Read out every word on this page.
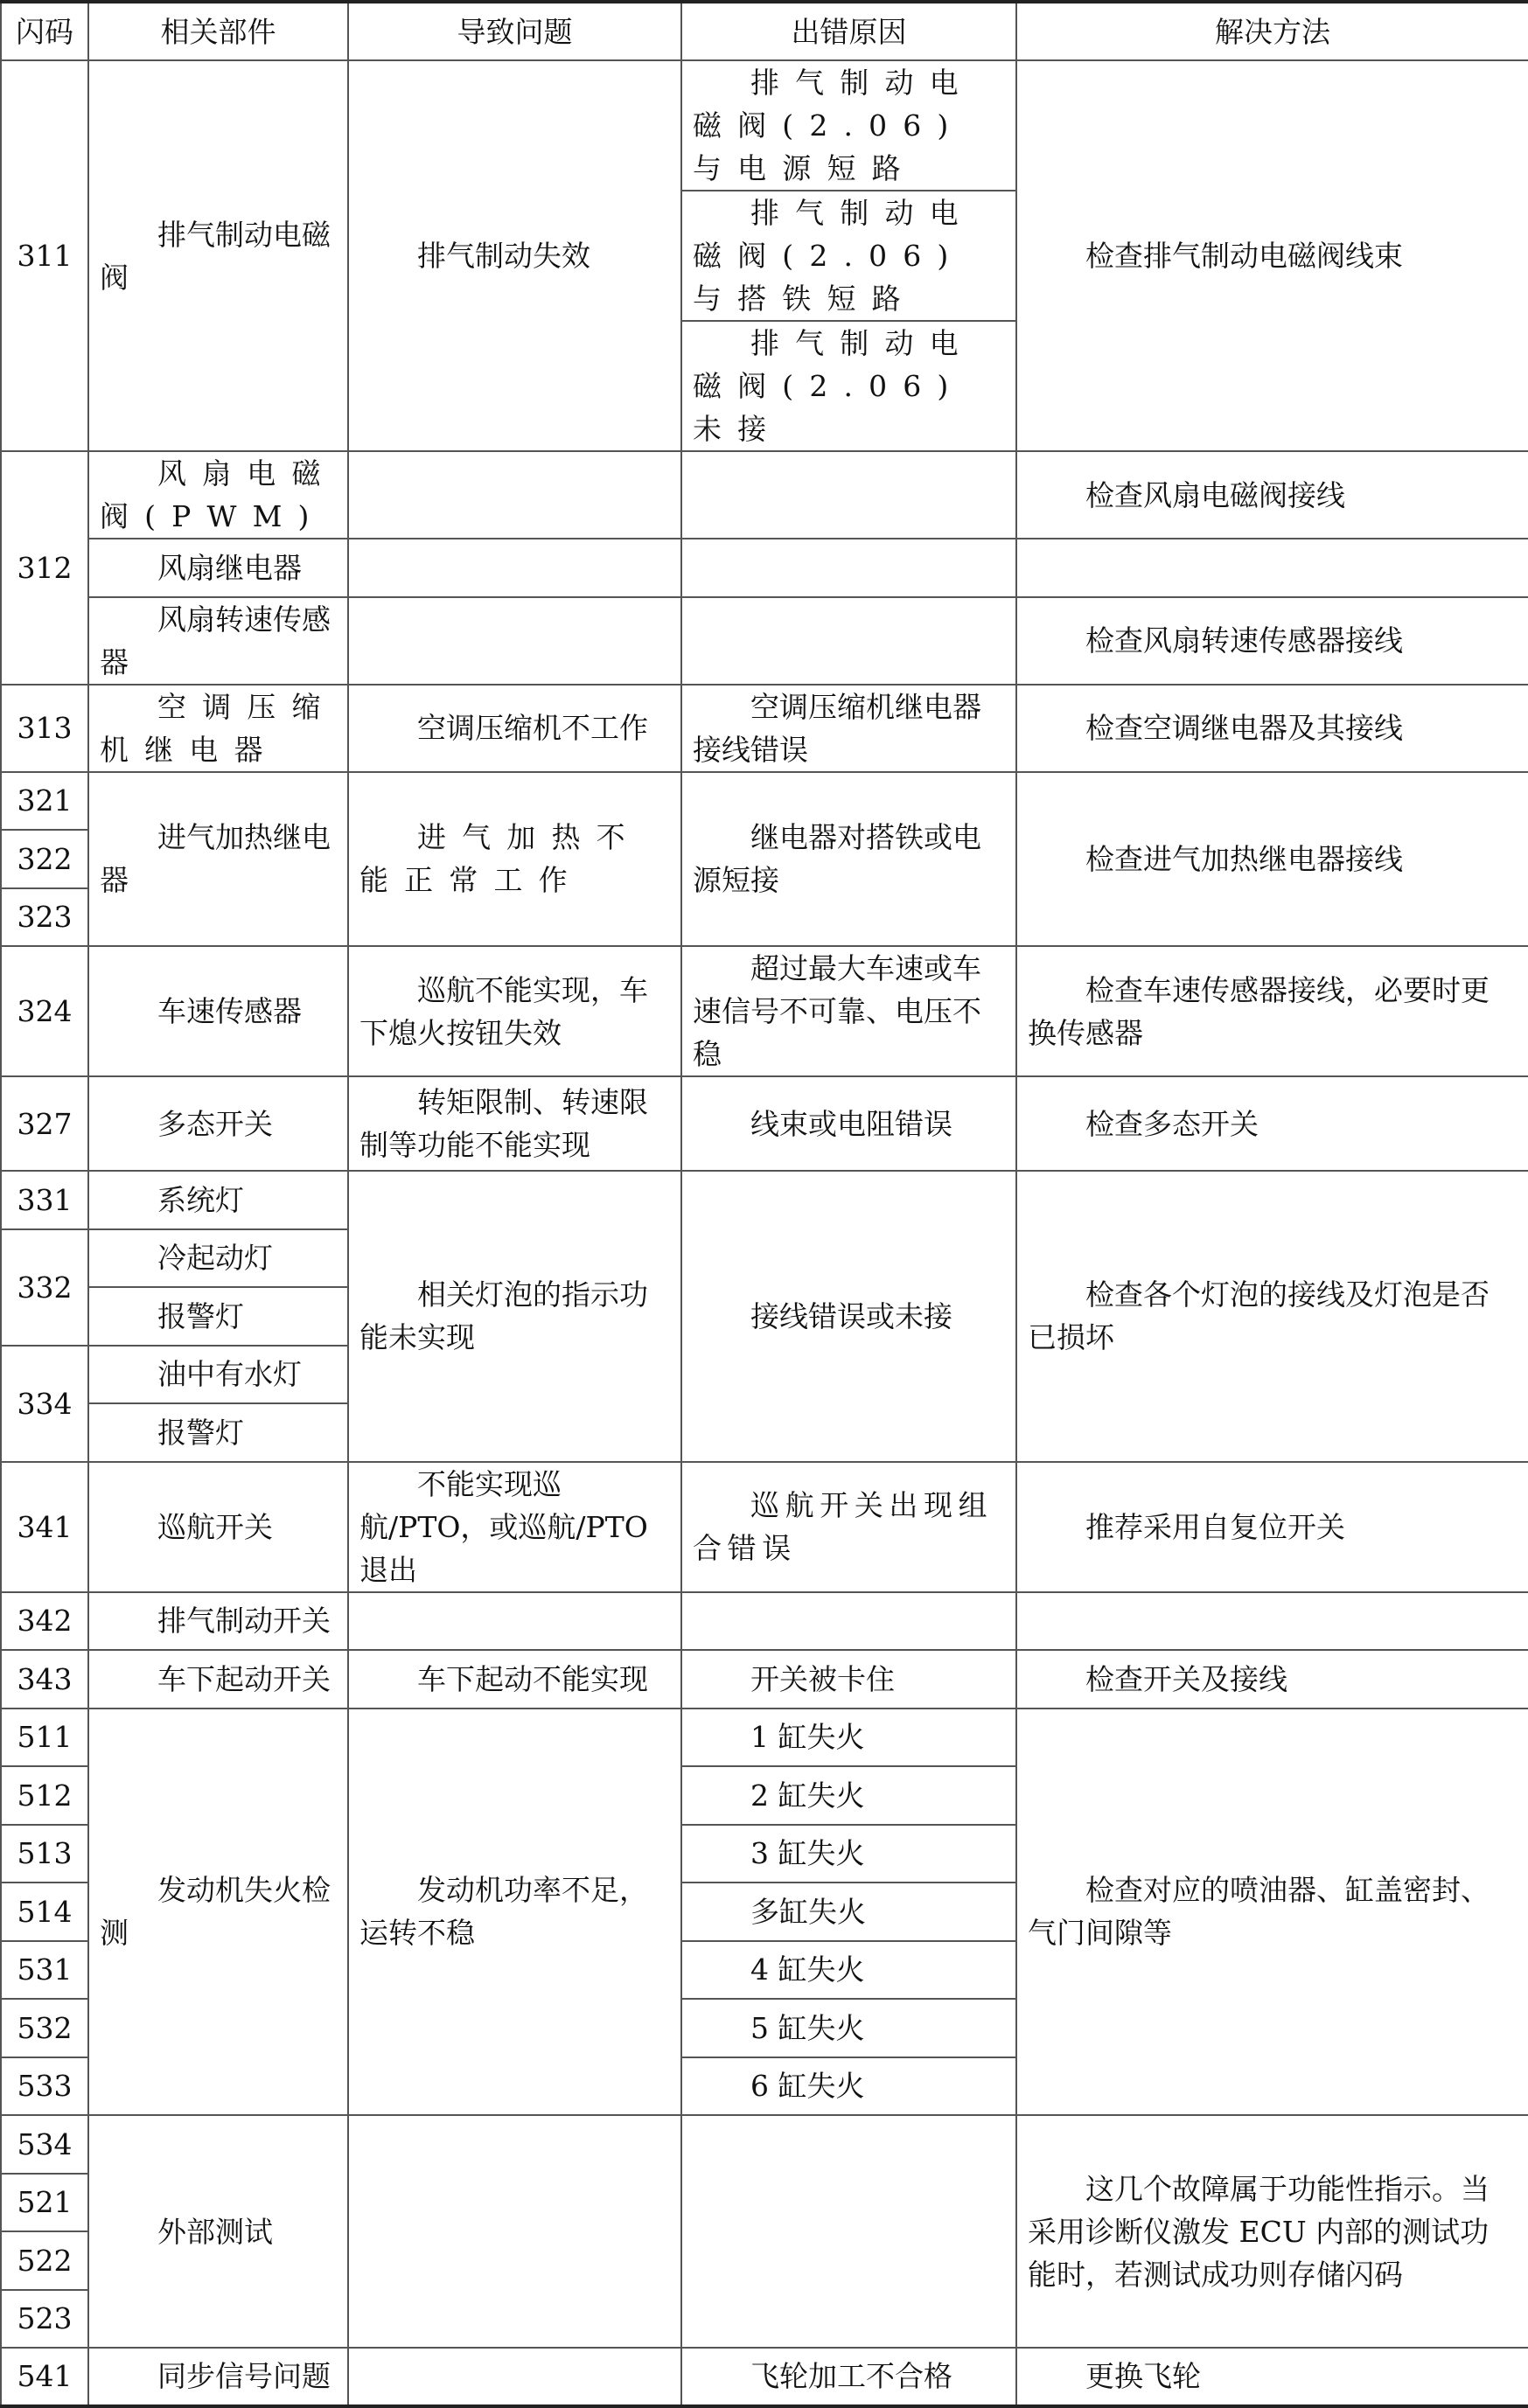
闪码	相关部件	导致问题	出错原因	解决方法
311	排气制动电磁阀	排气制动失效	排气制动电磁阀(2.06)与电源短路	检查排气制动电磁阀线束
			排气制动电磁阀(2.06)与搭铁短路	
			排气制动电磁阀(2.06)未接	
312	风扇电磁阀(PWM)			检查风扇电磁阀接线
	风扇继电器			
	风扇转速传感器			检查风扇转速传感器接线
313	空调压缩机继电器	空调压缩机不工作	空调压缩机继电器接线错误	检查空调继电器及其接线
321	进气加热继电器	进气加热不能正常工作	继电器对搭铁或电源短接	检查进气加热继电器接线
322				
323				
324	车速传感器	巡航不能实现，车下熄火按钮失效	超过最大车速或车速信号不可靠、电压不稳	检查车速传感器接线，必要时更换传感器
327	多态开关	转矩限制、转速限制等功能不能实现	线束或电阻错误	检查多态开关
331	系统灯	相关灯泡的指示功能未实现	接线错误或未接	检查各个灯泡的接线及灯泡是否已损坏
332	冷起动灯			
	报警灯			
334	油中有水灯			
	报警灯			
341	巡航开关	不能实现巡航/PTO，或巡航/PTO退出	巡航开关出现组合错误	推荐采用自复位开关
342	排气制动开关			
343	车下起动开关	车下起动不能实现	开关被卡住	检查开关及接线
511	发动机失火检测	发动机功率不足，运转不稳	1 缸失火	检查对应的喷油器、缸盖密封、气门间隙等
512			2 缸失火	
513			3 缸失火	
514			多缸失火	
531			4 缸失火	
532			5 缸失火	
533			6 缸失火	
534	外部测试			这几个故障属于功能性指示。当采用诊断仪激发 ECU 内部的测试功能时，若测试成功则存储闪码
521				
522				
523				
541	同步信号问题		飞轮加工不合格	更换飞轮
